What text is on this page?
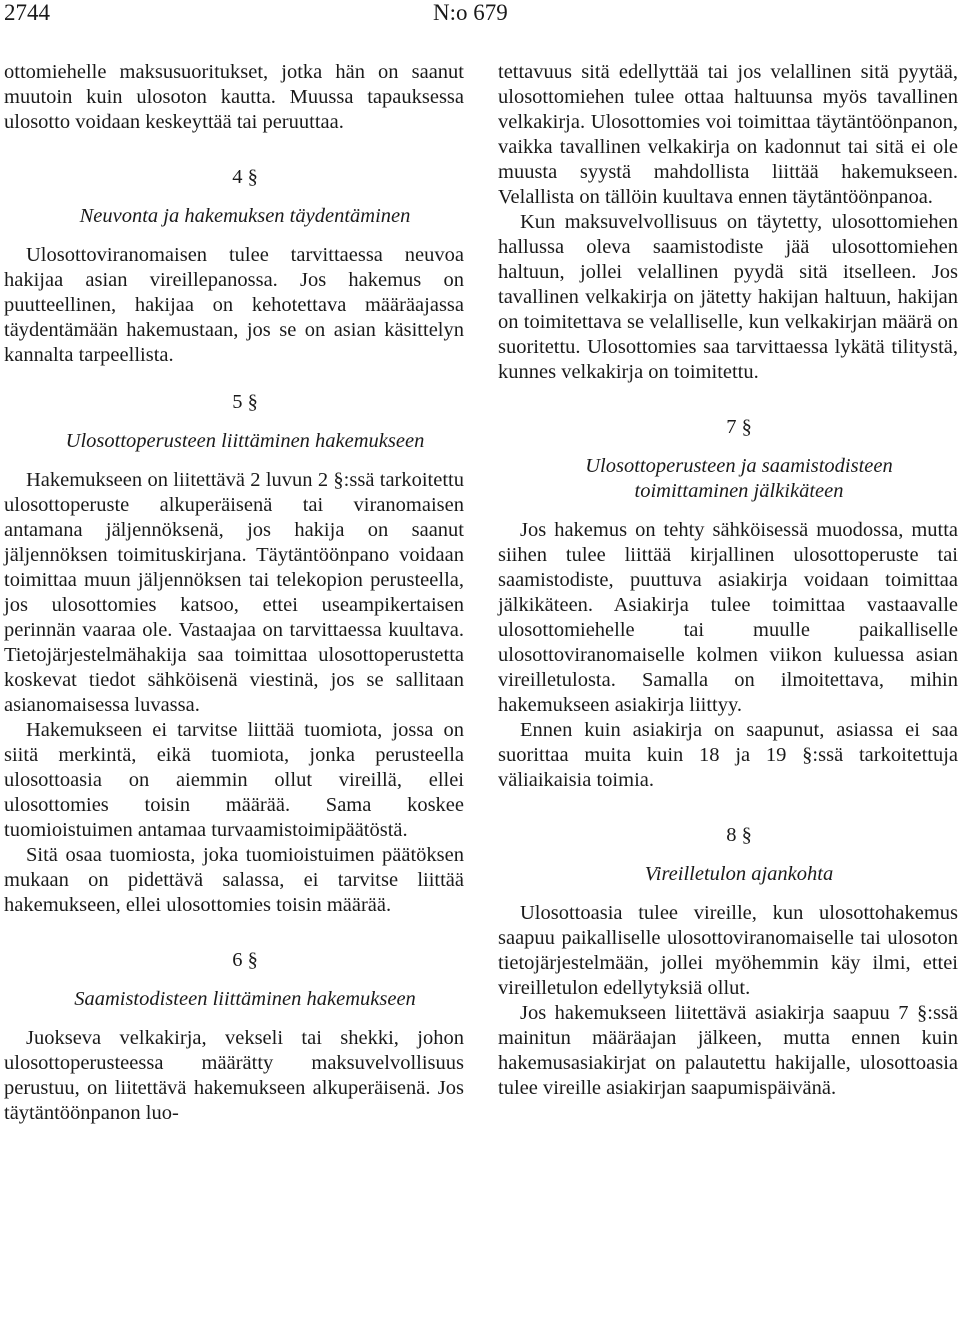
2744	N:o 679

ottomiehelle maksusuoritukset, jotka hän on saanut muutoin kuin ulosoton kautta. Muussa tapauksessa ulosotto voidaan keskeyttää tai peruuttaa.

4 §

Neuvonta ja hakemuksen täydentäminen

Ulosottoviranomaisen tulee tarvittaessa neuvoa hakijaa asian vireillepanossa. Jos hakemus on puutteellinen, hakijaa on kehotettava määräajassa täydentämään hakemustaan, jos se on asian käsittelyn kannalta tarpeellista.

5 §

Ulosottoperusteen liittäminen hakemukseen

Hakemukseen on liitettävä 2 luvun 2 §:ssä tarkoitettu ulosottoperuste alkuperäisenä tai viranomaisen antamana jäljennöksenä, jos hakija on saanut jäljennöksen toimituskirjana. Täytäntöönpano voidaan toimittaa muun jäljennöksen tai telekopion perusteella, jos ulosottomies katsoo, ettei useampikertaisen perinnän vaaraa ole. Vastaajaa on tarvittaessa kuultava. Tietojärjestelmähakija saa toimittaa ulosottoperustetta koskevat tiedot sähköisenä viestinä, jos se sallitaan asianomaisessa luvassa.

Hakemukseen ei tarvitse liittää tuomiota, jossa on siitä merkintä, eikä tuomiota, jonka perusteella ulosottoasia on aiemmin ollut vireillä, ellei ulosottomies toisin määrää. Sama koskee tuomioistuimen antamaa turvaamistoimipäätöstä.

Sitä osaa tuomiosta, joka tuomioistuimen päätöksen mukaan on pidettävä salassa, ei tarvitse liittää hakemukseen, ellei ulosottomies toisin määrää.

6 §

Saamistodisteen liittäminen hakemukseen

Juokseva velkakirja, vekseli tai shekki, johon ulosottoperusteessa määrätty maksuvelvollisuus perustuu, on liitettävä hakemukseen alkuperäisenä. Jos täytäntöönpanon luo-

tettavuus sitä edellyttää tai jos velallinen sitä pyytää, ulosottomiehen tulee ottaa haltuunsa myös tavallinen velkakirja. Ulosottomies voi toimittaa täytäntöönpanon, vaikka tavallinen velkakirja on kadonnut tai sitä ei ole muusta syystä mahdollista liittää hakemukseen. Velallista on tällöin kuultava ennen täytäntöönpanoa.

Kun maksuvelvollisuus on täytetty, ulosottomiehen hallussa oleva saamistodiste jää ulosottomiehen haltuun, jollei velallinen pyydä sitä itselleen. Jos tavallinen velkakirja on jätetty hakijan haltuun, hakijan on toimitettava se velalliselle, kun velkakirjan määrä on suoritettu. Ulosottomies saa tarvittaessa lykätä tilitystä, kunnes velkakirja on toimitettu.

7 §

Ulosottoperusteen ja saamistodisteen

toimittaminen jälkikäteen

Jos hakemus on tehty sähköisessä muodossa, mutta siihen tulee liittää kirjallinen ulosottoperuste tai saamistodiste, puuttuva asiakirja voidaan toimittaa jälkikäteen. Asiakirja tulee toimittaa vastaavalle ulosottomiehelle tai muulle paikalliselle ulosottoviranomaiselle kolmen viikon kuluessa asian vireilletulosta. Samalla on ilmoitettava, mihin hakemukseen asiakirja liittyy.

Ennen kuin asiakirja on saapunut, asiassa ei saa suorittaa muita kuin 18 ja 19 §:ssä tarkoitettuja väliaikaisia toimia.

8 §

Vireilletulon ajankohta

Ulosottoasia tulee vireille, kun ulosottohakemus saapuu paikalliselle ulosottoviranomaiselle tai ulosoton tietojärjestelmään, jollei myöhemmin käy ilmi, ettei vireilletulon edellytyksiä ollut.

Jos hakemukseen liitettävä asiakirja saapuu 7 §:ssä mainitun määräajan jälkeen, mutta ennen kuin hakemusasiakirjat on palautettu hakijalle, ulosottoasia tulee vireille asiakirjan saapumispäivänä.
